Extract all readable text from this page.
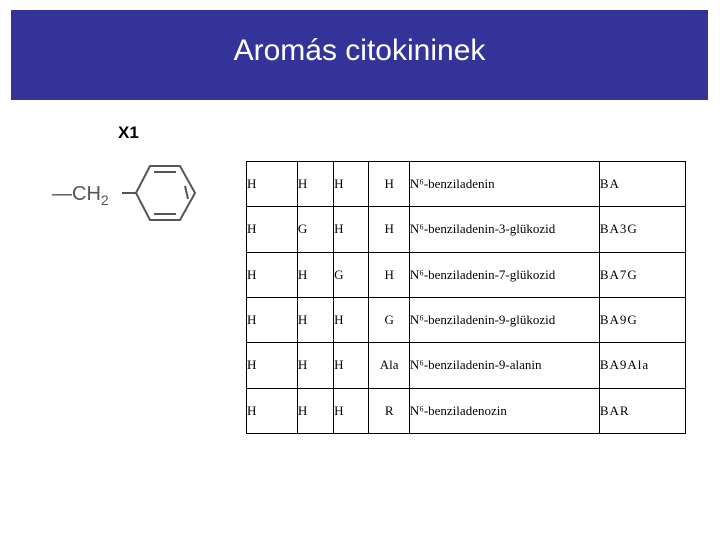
Aromás citokininek
X1
$—CH_2$
H	H	H	H	N⁶-benziladenin	BA
H	G	H	H	N⁶-benziladenin-3-glükozid	BA3G
H	H	G	H	N⁶-benziladenin-7-glükozid	BA7G
H	H	H	G	N⁶-benziladenin-9-glükozid	BA9G
H	H	H	Ala	N⁶-benziladenin-9-alanin	BA9Ala
H	H	H	R	N⁶-benziladenozin	BAR
